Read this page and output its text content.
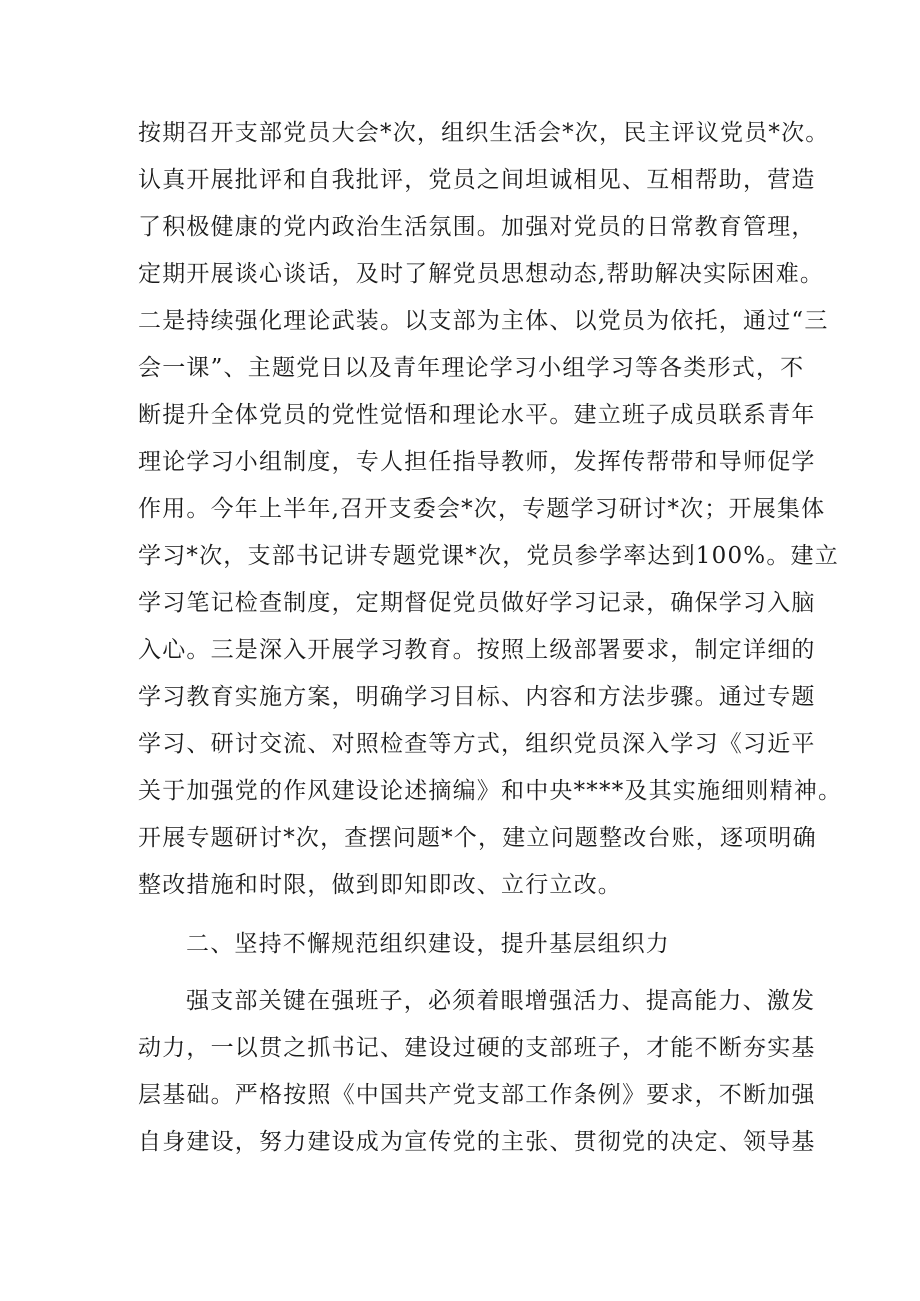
按期召开支部党员大会*次，组织生活会*次，民主评议党员*次。
认真开展批评和自我批评，党员之间坦诚相见、互相帮助，营造
了积极健康的党内政治生活氛围。加强对党员的日常教育管理，
定期开展谈心谈话，及时了解党员思想动态,帮助解决实际困难。
二是持续强化理论武装。以支部为主体、以党员为依托，通过“三
会一课”、主题党日以及青年理论学习小组学习等各类形式，不
断提升全体党员的党性觉悟和理论水平。建立班子成员联系青年
理论学习小组制度，专人担任指导教师，发挥传帮带和导师促学
作用。今年上半年,召开支委会*次，专题学习研讨*次；开展集体
学习*次，支部书记讲专题党课*次，党员参学率达到100%。建立
学习笔记检查制度，定期督促党员做好学习记录，确保学习入脑
入心。三是深入开展学习教育。按照上级部署要求，制定详细的
学习教育实施方案，明确学习目标、内容和方法步骤。通过专题
学习、研讨交流、对照检查等方式，组织党员深入学习《习近平
关于加强党的作风建设论述摘编》和中央****及其实施细则精神。
开展专题研讨*次，查摆问题*个，建立问题整改台账，逐项明确
整改措施和时限，做到即知即改、立行立改。
二、坚持不懈规范组织建设，提升基层组织力
强支部关键在强班子，必须着眼增强活力、提高能力、激发
动力，一以贯之抓书记、建设过硬的支部班子，才能不断夯实基
层基础。严格按照《中国共产党支部工作条例》要求，不断加强
自身建设，努力建设成为宣传党的主张、贯彻党的决定、领导基
